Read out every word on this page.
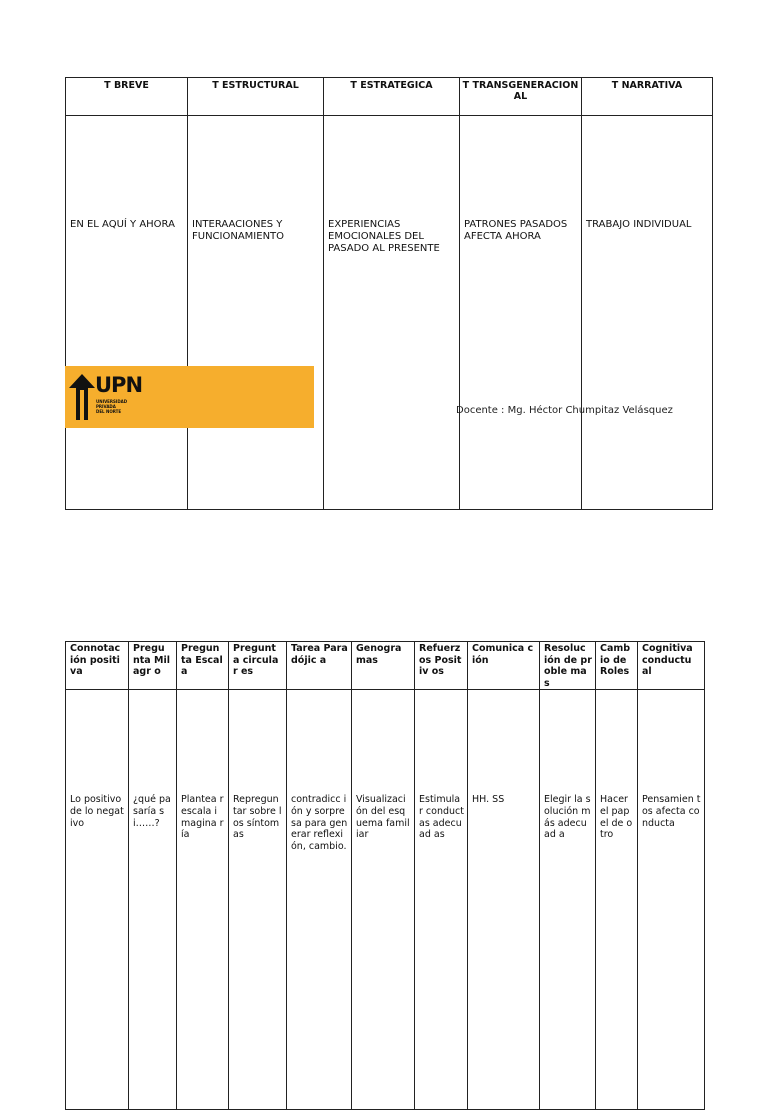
T BREVE	T ESTRUCTURAL	T ESTRATEGICA	T TRANSGENERACION AL	T NARRATIVA
EN EL AQUÍ Y AHORA	INTERAACIONES Y FUNCIONAMIENTO	EXPERIENCIAS EMOCIONALES DEL PASADO AL PRESENTE	PATRONES PASADOS AFECTA AHORA	TRABAJO INDIVIDUAL
UPN
UNIVERSIDAD PRIVADA DEL NORTE	Docente : Mg. Héctor Chumpitaz Velásquez
Connotac ión positiva	Pregu nta Milagr o	Pregun ta Escala	Pregunt a circular es	Tarea Paradójic a	Genogra mas	Refuerz os Positiv os	Comunica ción	Resoluc ión de proble mas	Camb io de Roles	Cognitiva conductu al
Lo positivo de lo negativo	¿qué pasaría si……?	Plantea r escala imagina ría	Repregun tar sobre los síntomas	contradicc ión y sorpresa para generar reflexión, cambio.	Visualizaci ón del esquema familiar	Estimula r conduct as adecuad as	HH. SS	Elegir la solución más adecuad a	Hacer el papel de otro	Pensamien tos afecta conducta
